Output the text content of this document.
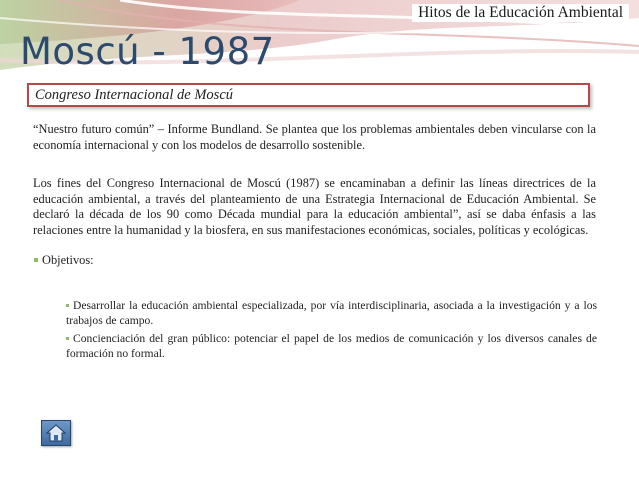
Hitos de la Educación Ambiental
Moscú - 1987
Congreso Internacional de Moscú

“Nuestro futuro común” – Informe Bundland. Se plantea que los problemas ambientales deben vincularse con la economía internacional y con los modelos de desarrollo sostenible.

Los fines del Congreso Internacional de Moscú (1987) se encaminaban a definir las líneas directrices de la educación ambiental, a través del planteamiento de una Estrategia Internacional de Educación Ambiental. Se declaró la década de los 90 como Década mundial para la educación ambiental”, así se daba énfasis a las relaciones entre la humanidad y la biosfera, en sus manifestaciones económicas, sociales, políticas y ecológicas.

Objetivos:

Desarrollar la educación ambiental especializada, por vía interdisciplinaria, asociada a la investigación y a los trabajos de campo.

Concienciación del gran público: potenciar el papel de los medios de comunicación y los diversos canales de formación no formal.
